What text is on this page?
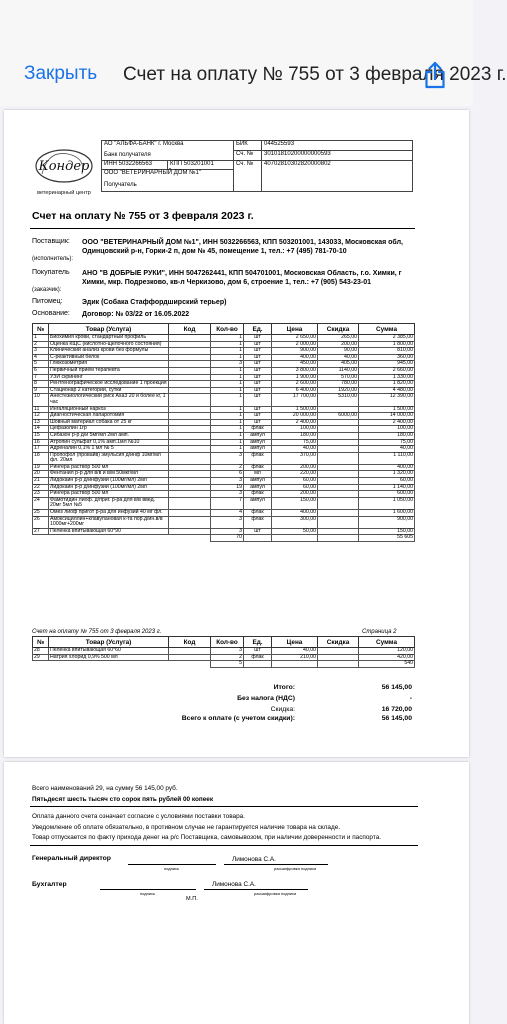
Закрыть Счет на оплату № 755 от 3 февраля 2023 г.
Кондер
ветеринарный центр
АО "АЛЬФА-БАНК" г. Москва
Банк получателя		БИК	044525593
		Сч. №	30101810200000000593
ИНН 5032266563	КПП 503201001	Сч. №	40702810302820000802

ООО "ВЕТЕРИНАРНЫЙ ДОМ №1"
Получатель			
Счет на оплату № 755 от 3 февраля 2023 г.
Поставщик:
(исполнитель):
ООО "ВЕТЕРИНАРНЫЙ ДОМ №1", ИНН 5032266563, КПП 503201001, 143033, Московская обл, Одинцовский р-н, Горки-2 п, дом № 45, помещение 1, тел.: +7 (495) 781-70-10
Покупатель
(заказчик):
АНО "В ДОБРЫЕ РУКИ", ИНН 5047262441, КПП 504701001, Московская Область, г.о. Химки, г Химки, мкр. Подрезково, кв-л Черкизово, дом 6, строение 1, тел.: +7 (905) 543-23-01
Питомец:	Эдик (Собака Стаффордширский терьер)
Основание:	Договор: № 03/22 от 16.05.2022
№	Товар (Услуга)	Код	Кол-во	Ед.	Цена	Скидка	Сумма
1	Биохимия крови, стандартный профиль		1	шт	2 650,00	265,00	2 385,00
2	Оценка КЩС (кислотно-щелочного состояния)		1	шт	2 000,00	200,00	1 800,00
3	Клинический анализ крови без формулы		1	шт	900,00	90,00	810,00
4	С-реактивный белок		1	шт	400,00	40,00	360,00
5	Глюкозометрия		3	шт	450,00	405,00	945,00
6	Первичный приём терапевта		1	шт	3 800,00	1140,00	2 660,00
7	УЗИ скрининг		1	шт	1 900,00	570,00	1 330,00
8	Рентгенографическое исследование 1 проекция		1	шт	2 600,00	780,00	1 820,00
9	Стационар 2 категории, сутки		1	шт	6 400,00	1920,00	4 480,00
10	Анестезиологический риск Asa3 20 и более кг, 1 час		1	шт	17 700,00	5310,00	12 390,00
11	Ингаляционный наркоз		1	шт	1 500,00		1 500,00
12	Диагностическая лапаротомия		1	шт	20 000,00	6000,00	14 000,00
13	Шовный материал собака от 25 кг		1	шт	2 400,00		2 400,00
14	Цефазолин 1гр		1	флак	100,00		100,00
15	Сибазон р-р д/и 5мг/мл 2мл амп.		1	ампул	180,00		180,00
16	Атропин сульфат 0,1% амп.1мл №10		1	ампул	75,00		75,00
17	Адреналин 0,1% 1 мл № 5		1	ампул	40,00		40,00
18	Пропофол (провайв) эмульсия д/инф 10мг/мл фл. 20мл		3	флак	370,00		1 110,00
19	Рингера раствор 500 мл		2	флак	200,00		400,00
20	Фентанил р-р для в/в и в/м 50мкг/мл		6	мл	220,00		1 320,00
21	Лидокаин р-р д/инфузии (100мг/мл) 2мл		3	ампул	60,00		60,00
22	Лидокаин р-р д/инфузии (100мг/мл) 2мл		19	ампул	60,00		1 140,00
23	Рингера раствор 500 мл		3	флак	200,00		600,00
24	Фамотидин лиоф. д/приг. р-ра для в/в введ. 20мг 5мл №5		7	ампул	150,00		1 050,00
25	Омез лиоф пригот р-ра для инфузий 40 мг фл.		4	флак	400,00		1 600,00
26	Амоксициллин+клавулановая к-та пор.д/ин.в/в 1000мг+200мг		3	флак	300,00		900,00
27	Пеленка впитывающая 60*90		3	шт	50,00		150,00
			70				55 605
Счет на оплату № 755 от 3 февраля 2023 г.	Страница 2
№	Товар (Услуга)	Код	Кол-во	Ед.	Цена	Скидка	Сумма
28	Пеленка впитывающая 60*60		3	шт	40,00		120,00
29	Натрия хлорид 0,9% 500 мл		2	флак	210,00		420,00
			5				540
Итого:	56 145,00
Без налога (НДС)	-
Скидка:	16 720,00
Всего к оплате (с учетом скидки):	56 145,00
Всего наименований 29, на сумму 56 145,00 руб.
Пятьдесят шесть тысяч сто сорок пять рублей 00 копеек
Оплата данного счета означает согласие с условиями поставки товара.
Уведомление об оплате обязательно, в противном случае не гарантируется наличие товара на складе.
Товар отпускается по факту прихода денег на р/с Поставщика, самовывозом, при наличии доверенности и паспорта.
Генеральный директор
подпись
Лимонова С.А.
расшифровка подписи
Бухгалтер
подпись
Лимонова С.А.
расшифровка подписи
М.П.
